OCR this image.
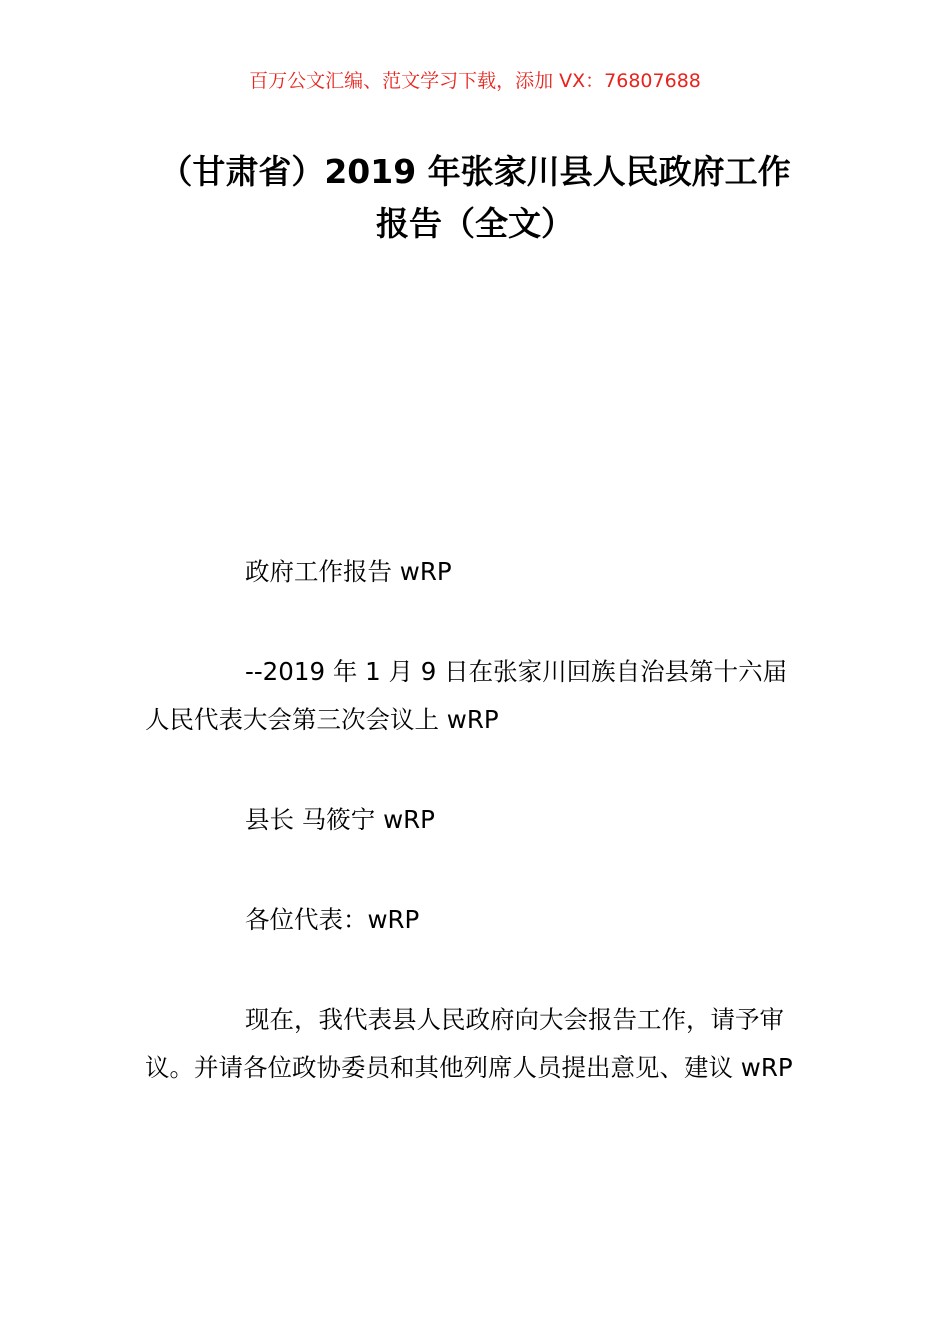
百万公文汇编、范文学习下载，添加 VX：76807688
（甘肃省）2019 年张家川县人民政府工作
报告（全文）

政府工作报告 wRP

--2019 年 1 月 9 日在张家川回族自治县第十六届人民代表大会第三次会议上 wRP

县长 马筱宁 wRP

各位代表：wRP

现在，我代表县人民政府向大会报告工作，请予审议。并请各位政协委员和其他列席人员提出意见、建议 wRP
